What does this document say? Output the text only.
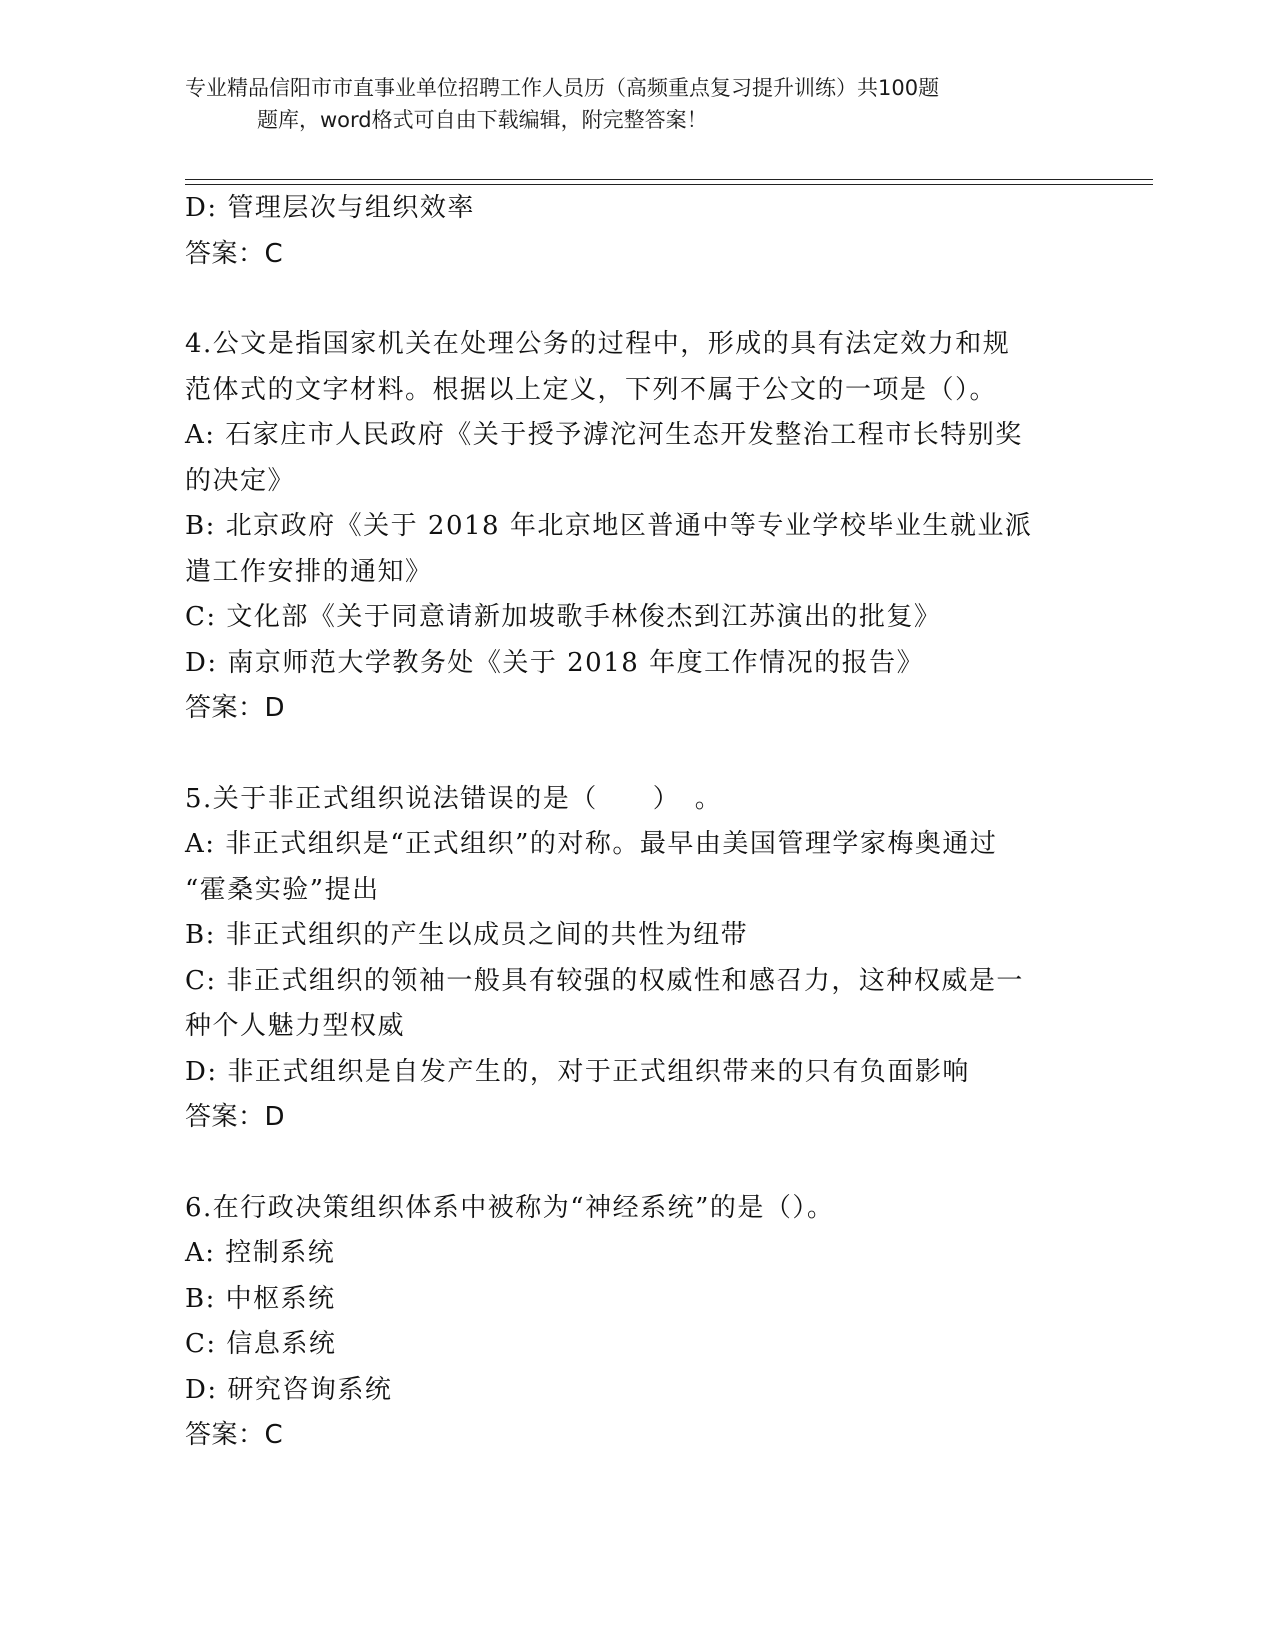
专业精品信阳市市直事业单位招聘工作人员历（高频重点复习提升训练）共100题
题库，word格式可自由下载编辑，附完整答案！
D: 管理层次与组织效率
答案：C
4.公文是指国家机关在处理公务的过程中，形成的具有法定效力和规
范体式的文字材料。根据以上定义，下列不属于公文的一项是（）。
A: 石家庄市人民政府《关于授予滹沱河生态开发整治工程市长特别奖
的决定》
B: 北京政府《关于 2018 年北京地区普通中等专业学校毕业生就业派
遣工作安排的通知》
C: 文化部《关于同意请新加坡歌手林俊杰到江苏演出的批复》
D: 南京师范大学教务处《关于 2018 年度工作情况的报告》
答案：D
5.关于非正式组织说法错误的是（　　）　。
A: 非正式组织是“正式组织”的对称。最早由美国管理学家梅奥通过
“霍桑实验”提出
B: 非正式组织的产生以成员之间的共性为纽带
C: 非正式组织的领袖一般具有较强的权威性和感召力，这种权威是一
种个人魅力型权威
D: 非正式组织是自发产生的，对于正式组织带来的只有负面影响
答案：D
6.在行政决策组织体系中被称为“神经系统”的是（）。
A: 控制系统
B: 中枢系统
C: 信息系统
D: 研究咨询系统
答案：C
